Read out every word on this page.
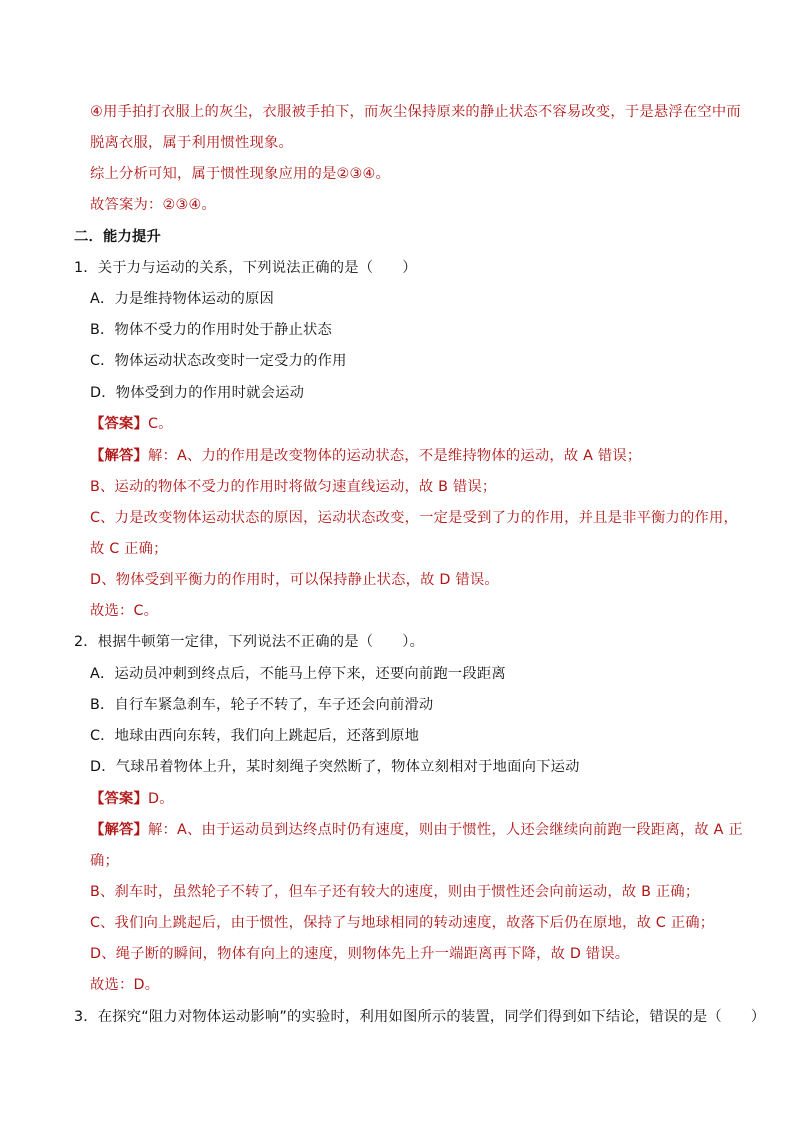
④用手拍打衣服上的灰尘，衣服被手拍下，而灰尘保持原来的静止状态不容易改变，于是悬浮在空中而
脱离衣服，属于利用惯性现象。
综上分析可知，属于惯性现象应用的是②③④。
故答案为：②③④。
二．能力提升
1．关于力与运动的关系，下列说法正确的是（　　）
A．力是维持物体运动的原因
B．物体不受力的作用时处于静止状态
C．物体运动状态改变时一定受力的作用
D．物体受到力的作用时就会运动
【答案】C。
【解答】解：A、力的作用是改变物体的运动状态，不是维持物体的运动，故 A 错误；
B、运动的物体不受力的作用时将做匀速直线运动，故 B 错误；
C、力是改变物体运动状态的原因，运动状态改变，一定是受到了力的作用，并且是非平衡力的作用，
故 C 正确；
D、物体受到平衡力的作用时，可以保持静止状态，故 D 错误。
故选：C。
2．根据牛顿第一定律，下列说法不正确的是（　　）。
A．运动员冲刺到终点后，不能马上停下来，还要向前跑一段距离
B．自行车紧急刹车，轮子不转了，车子还会向前滑动
C．地球由西向东转，我们向上跳起后，还落到原地
D．气球吊着物体上升，某时刻绳子突然断了，物体立刻相对于地面向下运动
【答案】D。
【解答】解：A、由于运动员到达终点时仍有速度，则由于惯性，人还会继续向前跑一段距离，故 A 正
确；
B、刹车时，虽然轮子不转了，但车子还有较大的速度，则由于惯性还会向前运动，故 B 正确；
C、我们向上跳起后，由于惯性，保持了与地球相同的转动速度，故落下后仍在原地，故 C 正确；
D、绳子断的瞬间，物体有向上的速度，则物体先上升一端距离再下降，故 D 错误。
故选：D。
3．在探究“阻力对物体运动影响”的实验时，利用如图所示的装置，同学们得到如下结论，错误的是（　　）
